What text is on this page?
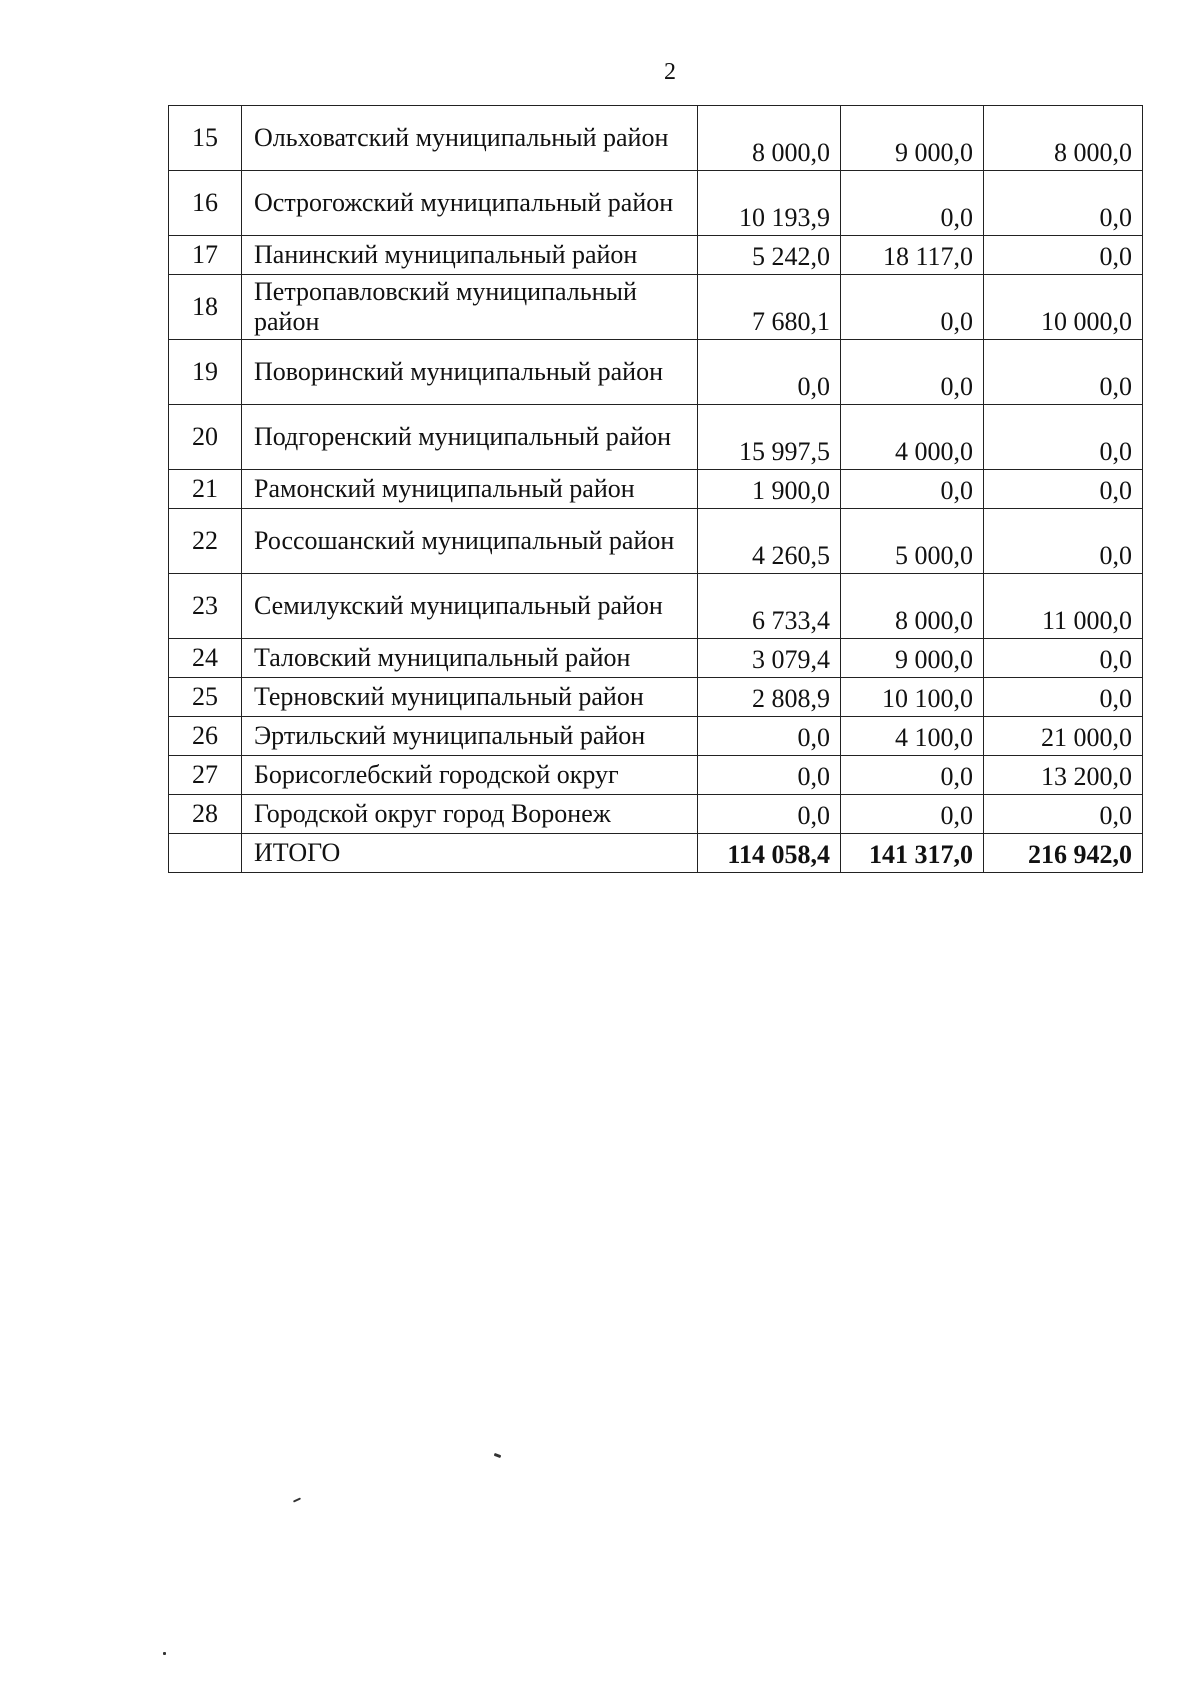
2
15	Ольховатский муниципальный район	8 000,0	9 000,0	8 000,0
16	Острогожский муниципальный район	10 193,9	0,0	0,0
17	Панинский муниципальный район	5 242,0	18 117,0	0,0
18	Петропавловский муниципальный район	7 680,1	0,0	10 000,0
19	Поворинский муниципальный район	0,0	0,0	0,0
20	Подгоренский муниципальный район	15 997,5	4 000,0	0,0
21	Рамонский муниципальный район	1 900,0	0,0	0,0
22	Россошанский муниципальный район	4 260,5	5 000,0	0,0
23	Семилукский муниципальный район	6 733,4	8 000,0	11 000,0
24	Таловский муниципальный район	3 079,4	9 000,0	0,0
25	Терновский муниципальный район	2 808,9	10 100,0	0,0
26	Эртильский муниципальный район	0,0	4 100,0	21 000,0
27	Борисоглебский городской округ	0,0	0,0	13 200,0
28	Городской округ город Воронеж	0,0	0,0	0,0
	ИТОГО	114 058,4	141 317,0	216 942,0
